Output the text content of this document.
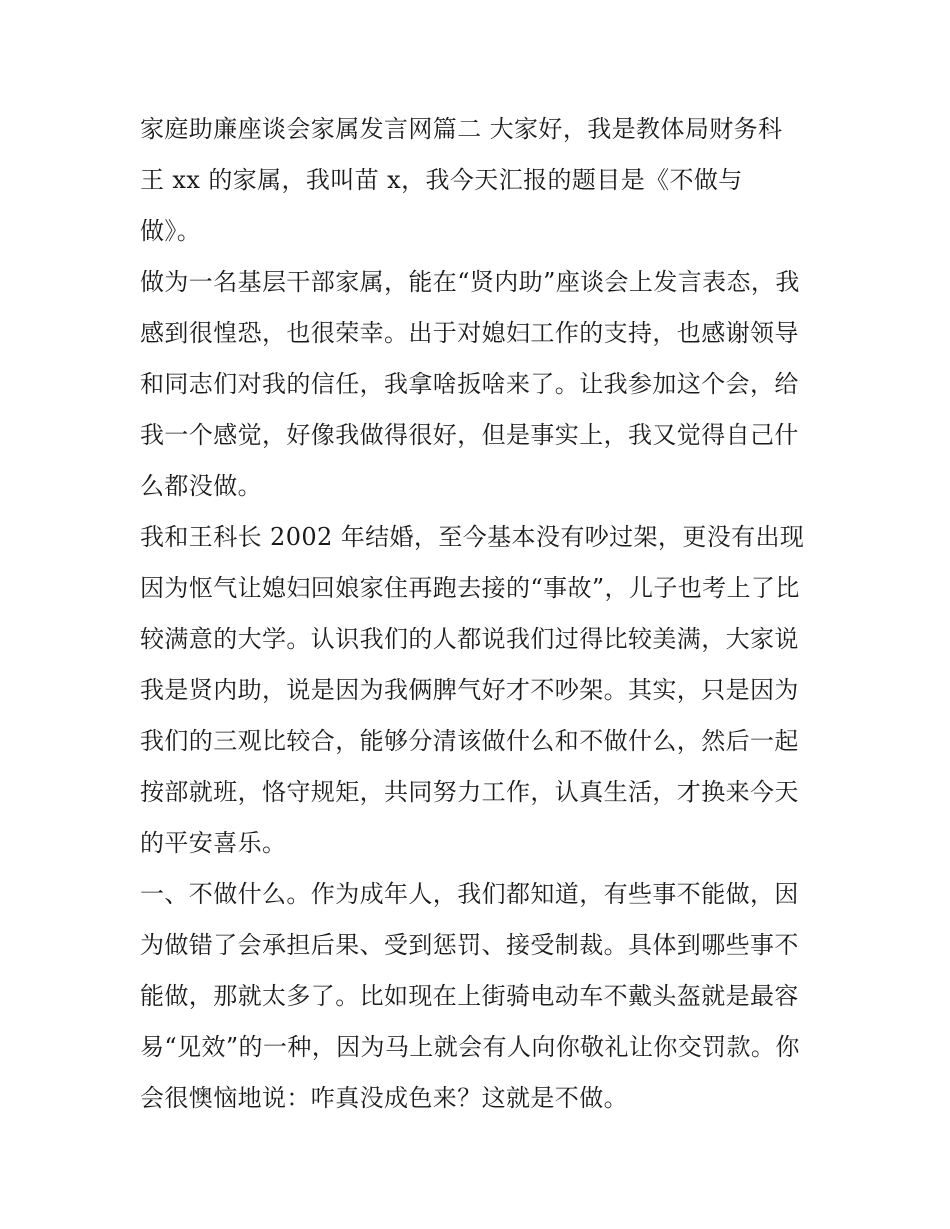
家庭助廉座谈会家属发言网篇二 大家好，我是教体局财务科
王 xx 的家属，我叫苗 x，我今天汇报的题目是《不做与
做》。
做为一名基层干部家属，能在“贤内助”座谈会上发言表态，我
感到很惶恐，也很荣幸。出于对媳妇工作的支持，也感谢领导
和同志们对我的信任，我拿啥扳啥来了。让我参加这个会，给
我一个感觉，好像我做得很好，但是事实上，我又觉得自己什
么都没做。
我和王科长 2002 年结婚，至今基本没有吵过架，更没有出现
因为怄气让媳妇回娘家住再跑去接的“事故”，儿子也考上了比
较满意的大学。认识我们的人都说我们过得比较美满，大家说
我是贤内助，说是因为我俩脾气好才不吵架。其实，只是因为
我们的三观比较合，能够分清该做什么和不做什么，然后一起
按部就班，恪守规矩，共同努力工作，认真生活，才换来今天
的平安喜乐。
一、不做什么。作为成年人，我们都知道，有些事不能做，因
为做错了会承担后果、受到惩罚、接受制裁。具体到哪些事不
能做，那就太多了。比如现在上街骑电动车不戴头盔就是最容
易“见效”的一种，因为马上就会有人向你敬礼让你交罚款。你
会很懊恼地说：咋真没成色来？这就是不做。
